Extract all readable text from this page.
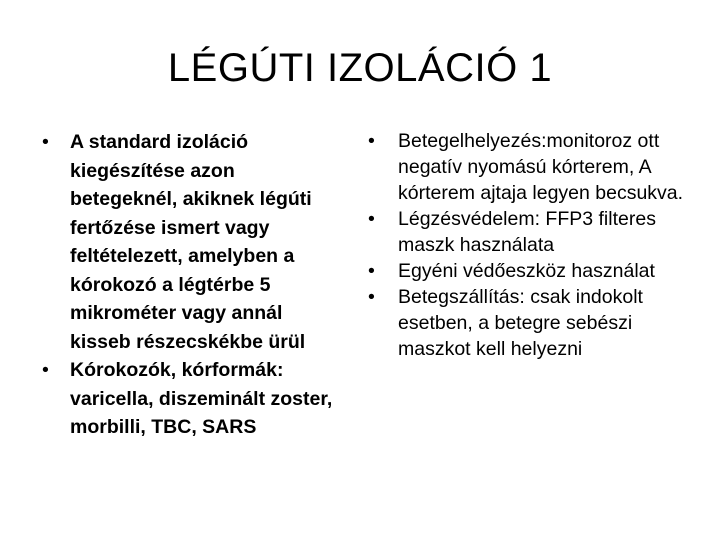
LÉGÚTI IZOLÁCIÓ 1
• A standard izoláció kiegészítése azon betegeknél, akiknek légúti fertőzése ismert vagy feltételezett, amelyben a kórokozó a légtérbe 5 mikrométer vagy annál kisseb részecskékbe ürül
• Kórokozók, kórformák: varicella, diszeminált zoster, morbilli, TBC, SARS
• Betegelhelyezés:monitoroz ott negatív nyomású kórterem, A kórterem ajtaja legyen becsukva.
• Légzésvédelem: FFP3 filteres maszk használata
• Egyéni védőeszköz használat
• Betegszállítás: csak indokolt esetben, a betegre sebészi maszkot kell helyezni
